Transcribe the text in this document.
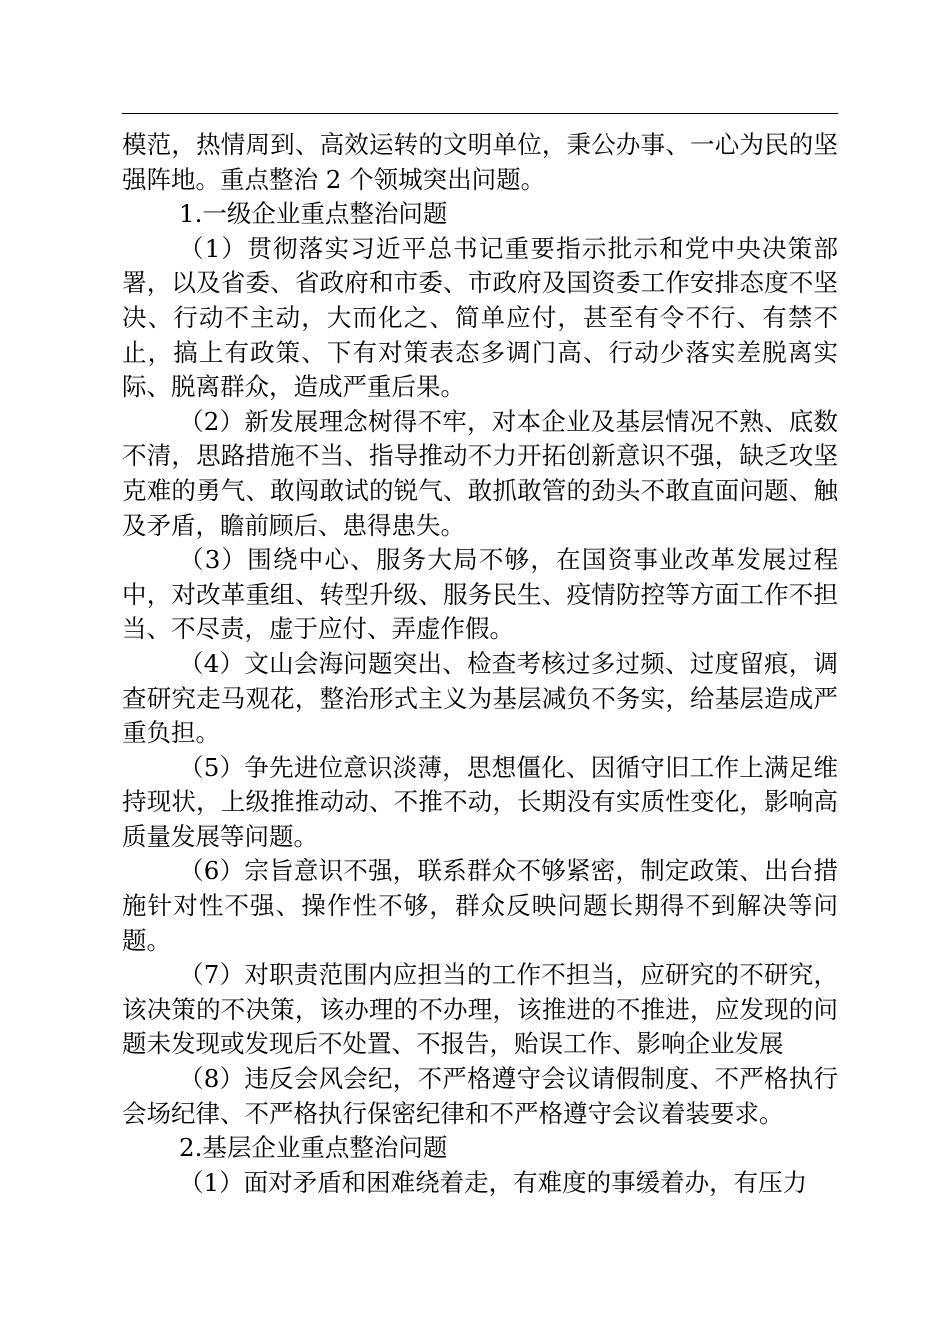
模范，热情周到、高效运转的文明单位，秉公办事、一心为民的坚强阵地。重点整治 2 个领城突出问题。

1.一级企业重点整治问题

（1）贯彻落实习近平总书记重要指示批示和党中央决策部署，以及省委、省政府和市委、市政府及国资委工作安排态度不坚决、行动不主动，大而化之、简单应付，甚至有令不行、有禁不止，搞上有政策、下有对策表态多调门高、行动少落实差脱离实际、脱离群众，造成严重后果。

（2）新发展理念树得不牢，对本企业及基层情况不熟、底数不清，思路措施不当、指导推动不力开拓创新意识不强，缺乏攻坚克难的勇气、敢闯敢试的锐气、敢抓敢管的劲头不敢直面问题、触及矛盾，瞻前顾后、患得患失。

（3）围绕中心、服务大局不够，在国资事业改革发展过程中，对改革重组、转型升级、服务民生、疫情防控等方面工作不担当、不尽责，虚于应付、弄虚作假。

（4）文山会海问题突出、检查考核过多过频、过度留痕，调查研究走马观花，整治形式主义为基层减负不务实，给基层造成严重负担。

（5）争先进位意识淡薄，思想僵化、因循守旧工作上满足维持现状，上级推推动动、不推不动，长期没有实质性变化，影响高质量发展等问题。

（6）宗旨意识不强，联系群众不够紧密，制定政策、出台措施针对性不强、操作性不够，群众反映问题长期得不到解决等问题。

（7）对职责范围内应担当的工作不担当，应研究的不研究，该决策的不决策，该办理的不办理，该推进的不推进，应发现的问题未发现或发现后不处置、不报告，贻误工作、影响企业发展

（8）违反会风会纪，不严格遵守会议请假制度、不严格执行会场纪律、不严格执行保密纪律和不严格遵守会议着装要求。

2.基层企业重点整治问题

（1）面对矛盾和困难绕着走，有难度的事缓着办，有压力
